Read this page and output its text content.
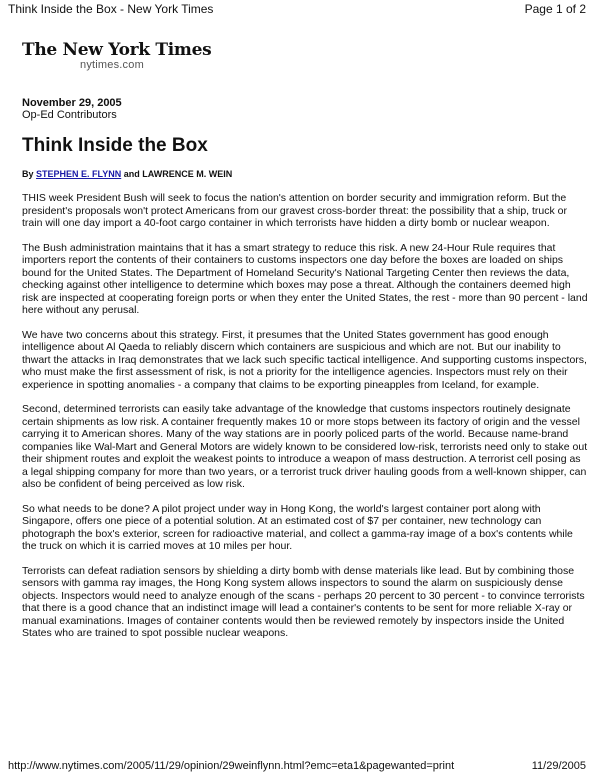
Think Inside the Box - New York Times	Page 1 of 2
The New York Times
nytimes.com
November 29, 2005
Op-Ed Contributors
Think Inside the Box
By STEPHEN E. FLYNN and LAWRENCE M. WEIN

THIS week President Bush will seek to focus the nation's attention on border security and immigration reform. But the president's proposals won't protect Americans from our gravest cross-border threat: the possibility that a ship, truck or train will one day import a 40-foot cargo container in which terrorists have hidden a dirty bomb or nuclear weapon.

The Bush administration maintains that it has a smart strategy to reduce this risk. A new 24-Hour Rule requires that importers report the contents of their containers to customs inspectors one day before the boxes are loaded on ships bound for the United States. The Department of Homeland Security's National Targeting Center then reviews the data, checking against other intelligence to determine which boxes may pose a threat. Although the containers deemed high risk are inspected at cooperating foreign ports or when they enter the United States, the rest - more than 90 percent - land here without any perusal.

We have two concerns about this strategy. First, it presumes that the United States government has good enough intelligence about Al Qaeda to reliably discern which containers are suspicious and which are not. But our inability to thwart the attacks in Iraq demonstrates that we lack such specific tactical intelligence. And supporting customs inspectors, who must make the first assessment of risk, is not a priority for the intelligence agencies. Inspectors must rely on their experience in spotting anomalies - a company that claims to be exporting pineapples from Iceland, for example.

Second, determined terrorists can easily take advantage of the knowledge that customs inspectors routinely designate certain shipments as low risk. A container frequently makes 10 or more stops between its factory of origin and the vessel carrying it to American shores. Many of the way stations are in poorly policed parts of the world. Because name-brand companies like Wal-Mart and General Motors are widely known to be considered low-risk, terrorists need only to stake out their shipment routes and exploit the weakest points to introduce a weapon of mass destruction. A terrorist cell posing as a legal shipping company for more than two years, or a terrorist truck driver hauling goods from a well-known shipper, can also be confident of being perceived as low risk.

So what needs to be done? A pilot project under way in Hong Kong, the world's largest container port along with Singapore, offers one piece of a potential solution. At an estimated cost of $7 per container, new technology can photograph the box's exterior, screen for radioactive material, and collect a gamma-ray image of a box's contents while the truck on which it is carried moves at 10 miles per hour.

Terrorists can defeat radiation sensors by shielding a dirty bomb with dense materials like lead. But by combining those sensors with gamma ray images, the Hong Kong system allows inspectors to sound the alarm on suspiciously dense objects. Inspectors would need to analyze enough of the scans - perhaps 20 percent to 30 percent - to convince terrorists that there is a good chance that an indistinct image will lead a container's contents to be sent for more reliable X-ray or manual examinations. Images of container contents would then be reviewed remotely by inspectors inside the United States who are trained to spot possible nuclear weapons.

http://www.nytimes.com/2005/11/29/opinion/29weinflynn.html?emc=eta1&pagewanted=print	11/29/2005
